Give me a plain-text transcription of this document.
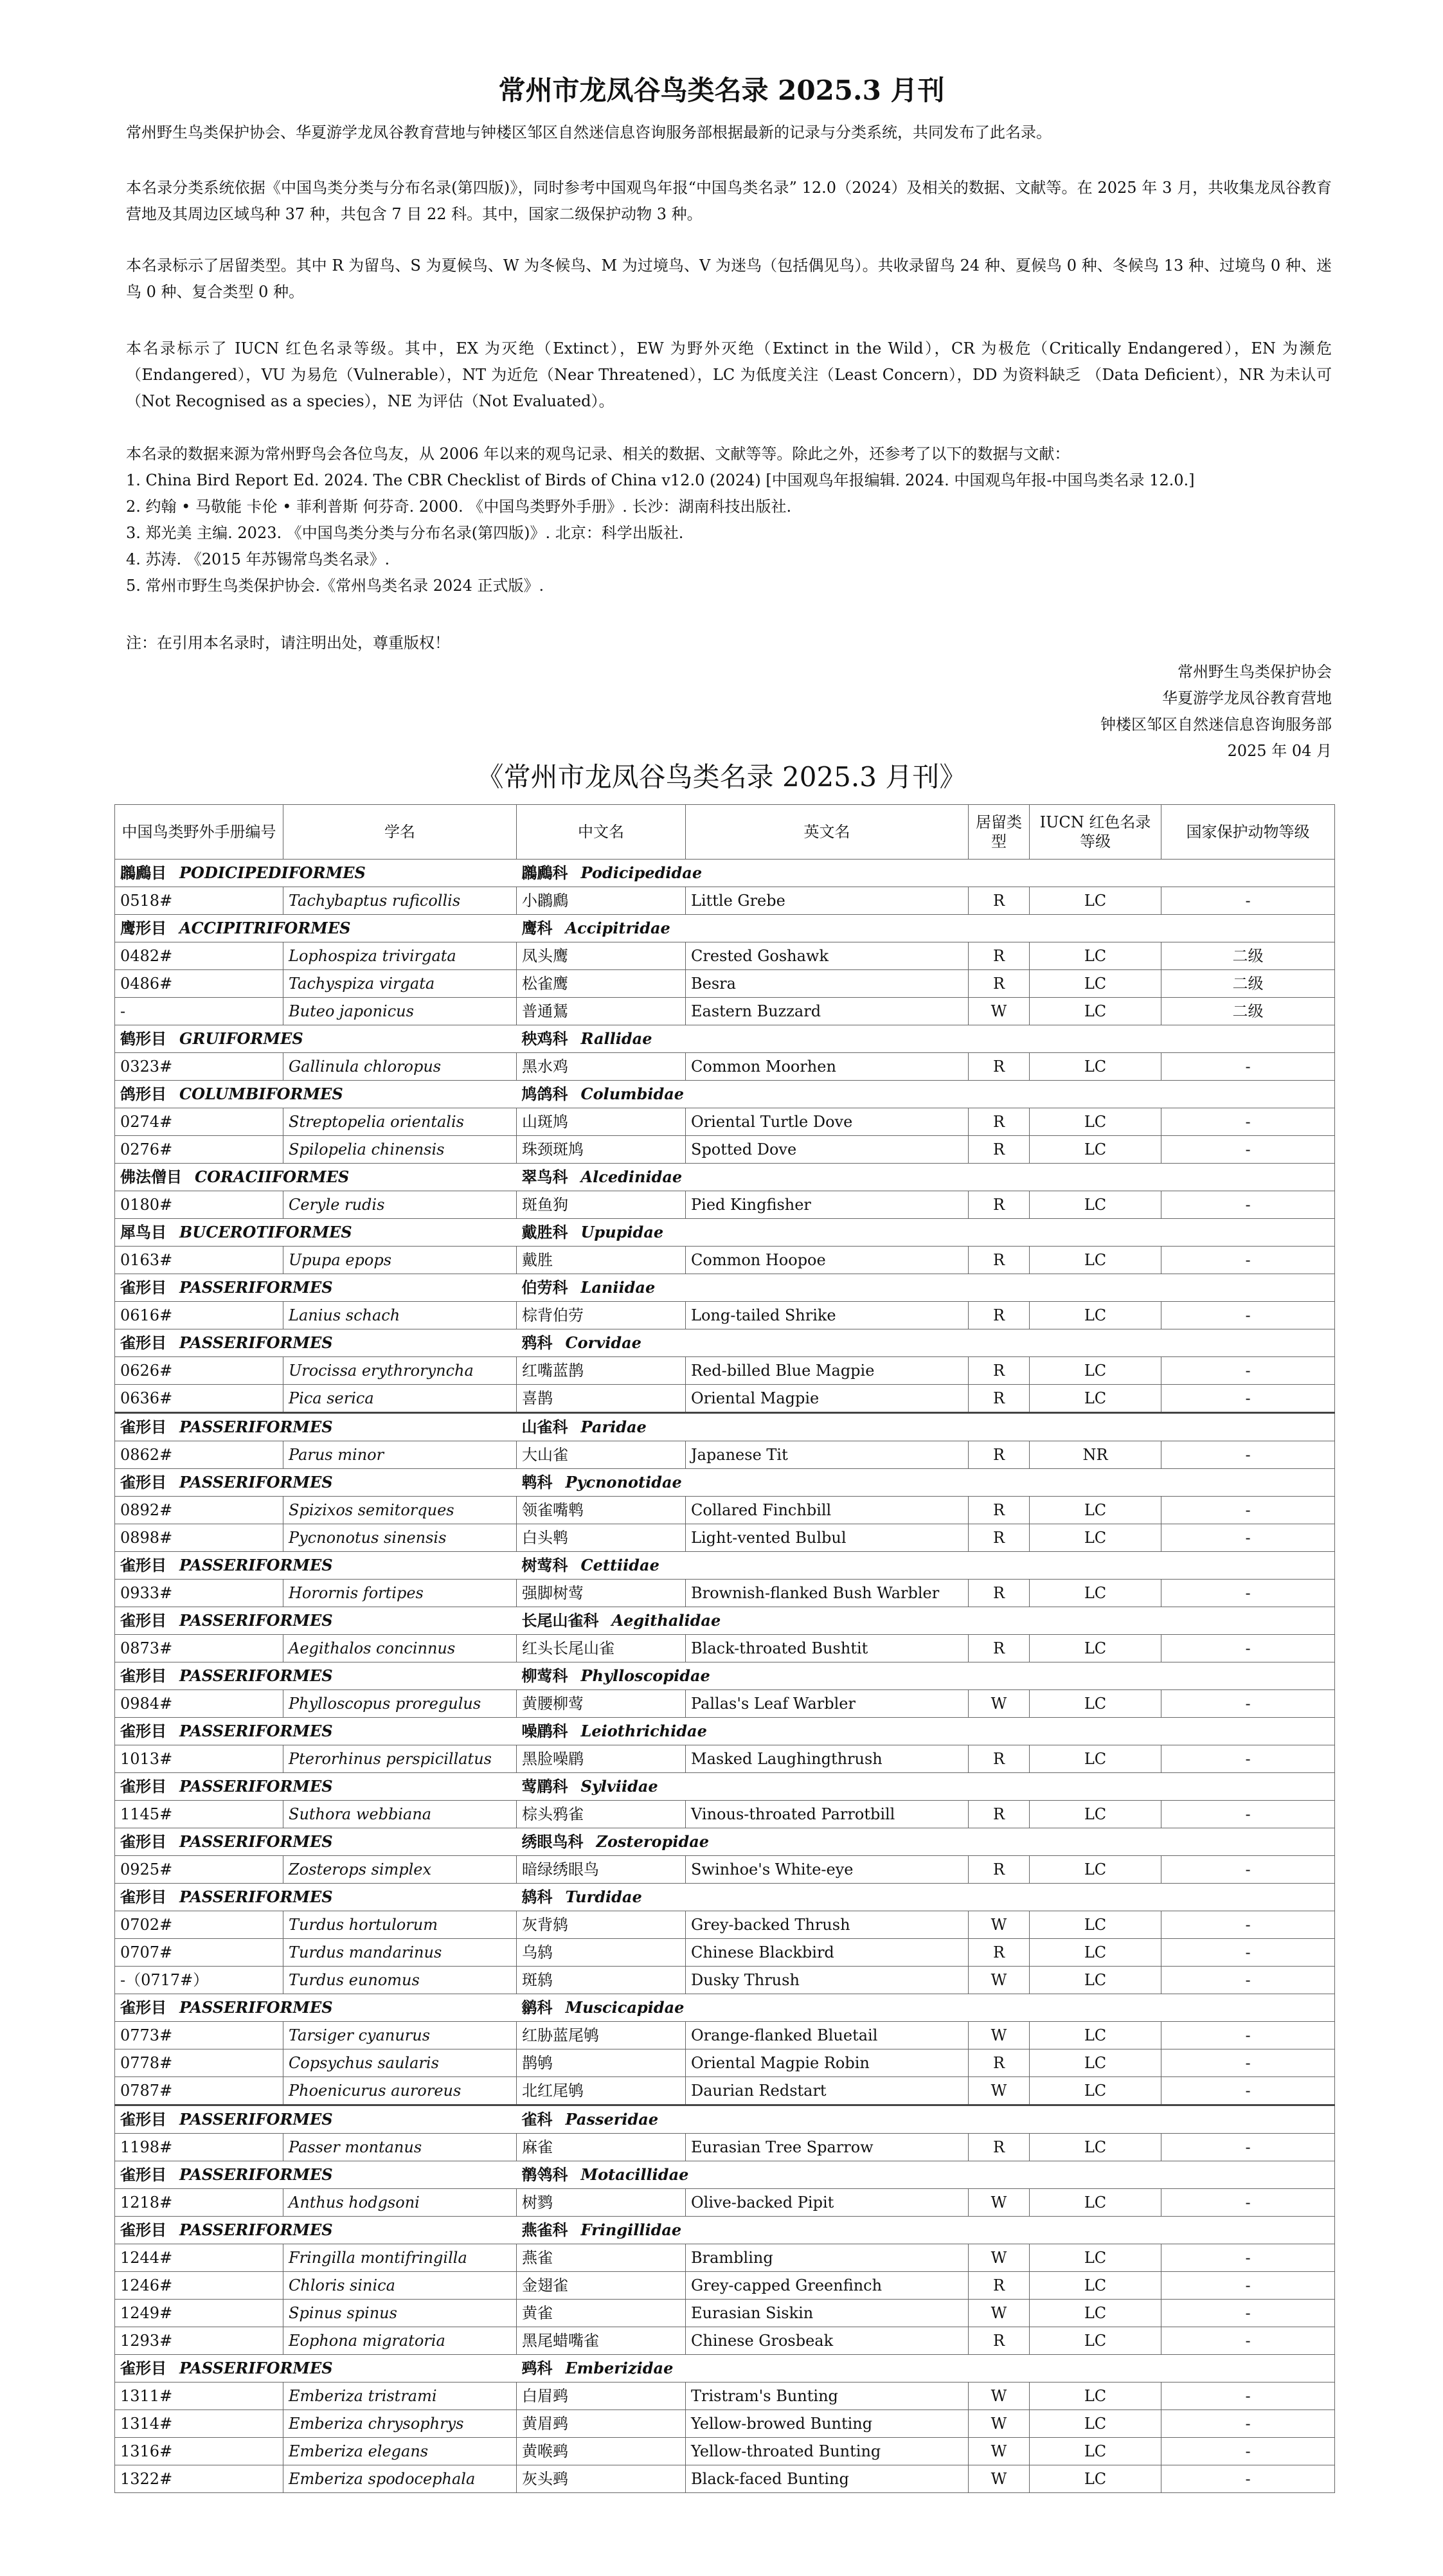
常州市龙凤谷鸟类名录 2025.3 月刊

常州野生鸟类保护协会、华夏游学龙凤谷教育营地与钟楼区邹区自然迷信息咨询服务部根据最新的记录与分类系统，共同发布了此名录。

本名录分类系统依据《中国鸟类分类与分布名录(第四版)》，同时参考中国观鸟年报“中国鸟类名录” 12.0（2024）及相关的数据、文献等。在 2025 年 3 月，共收集龙凤谷教育营地及其周边区域鸟种 37 种，共包含 7 目 22 科。其中，国家二级保护动物 3 种。

本名录标示了居留类型。其中 R 为留鸟、S 为夏候鸟、W 为冬候鸟、M 为过境鸟、V 为迷鸟（包括偶见鸟）。共收录留鸟 24 种、夏候鸟 0 种、冬候鸟 13 种、过境鸟 0 种、迷鸟 0 种、复合类型 0 种。

本名录标示了 IUCN 红色名录等级。其中，EX 为灭绝（Extinct），EW 为野外灭绝（Extinct in the Wild），CR 为极危（Critically Endangered），EN 为濒危（Endangered），VU 为易危（Vulnerable），NT 为近危（Near Threatened），LC 为低度关注（Least Concern），DD 为资料缺乏 （Data Deficient），NR 为未认可（Not Recognised as a species），NE 为评估（Not Evaluated）。

本名录的数据来源为常州野鸟会各位鸟友，从 2006 年以来的观鸟记录、相关的数据、文献等等。除此之外，还参考了以下的数据与文献：

1. China Bird Report Ed. 2024. The CBR Checklist of Birds of China v12.0 (2024) [中国观鸟年报编辑. 2024. 中国观鸟年报-中国鸟类名录 12.0.]
2. 约翰 • 马敬能 卡伦 • 菲利普斯 何芬奇. 2000. 《中国鸟类野外手册》. 长沙：湖南科技出版社.
3. 郑光美 主编. 2023. 《中国鸟类分类与分布名录(第四版)》. 北京：科学出版社.
4. 苏涛. 《2015 年苏锡常鸟类名录》.
5. 常州市野生鸟类保护协会.《常州鸟类名录 2024 正式版》.
注：在引用本名录时，请注明出处，尊重版权！
常州野生鸟类保护协会
华夏游学龙凤谷教育营地
钟楼区邹区自然迷信息咨询服务部
2025 年 04 月
《常州市龙凤谷鸟类名录 2025.3 月刊》
中国鸟类野外手册编号	学名	中文名	英文名	居留类型	IUCN 红色名录等级	国家保护动物等级
鸊鷉目 PODICIPEDIFORMES		鸊鷉科 Podicipedidae				
0518#	Tachybaptus ruficollis	小鸊鷉	Little Grebe	R	LC	-
鹰形目 ACCIPITRIFORMES		鹰科 Accipitridae				
0482#	Lophospiza trivirgata	凤头鹰	Crested Goshawk	R	LC	二级
0486#	Tachyspiza virgata	松雀鹰	Besra	R	LC	二级
-	Buteo japonicus	普通鵟	Eastern Buzzard	W	LC	二级
鹤形目 GRUIFORMES		秧鸡科 Rallidae				
0323#	Gallinula chloropus	黑水鸡	Common Moorhen	R	LC	-
鸽形目 COLUMBIFORMES		鸠鸽科 Columbidae				
0274#	Streptopelia orientalis	山斑鸠	Oriental Turtle Dove	R	LC	-
0276#	Spilopelia chinensis	珠颈斑鸠	Spotted Dove	R	LC	-
佛法僧目 CORACIIFORMES		翠鸟科 Alcedinidae				
0180#	Ceryle rudis	斑鱼狗	Pied Kingfisher	R	LC	-
犀鸟目 BUCEROTIFORMES		戴胜科 Upupidae				
0163#	Upupa epops	戴胜	Common Hoopoe	R	LC	-
雀形目 PASSERIFORMES		伯劳科 Laniidae				
0616#	Lanius schach	棕背伯劳	Long-tailed Shrike	R	LC	-
雀形目 PASSERIFORMES		鸦科 Corvidae				
0626#	Urocissa erythroryncha	红嘴蓝鹊	Red-billed Blue Magpie	R	LC	-
0636#	Pica serica	喜鹊	Oriental Magpie	R	LC	-
雀形目 PASSERIFORMES		山雀科 Paridae				
0862#	Parus minor	大山雀	Japanese Tit	R	NR	-
雀形目 PASSERIFORMES		鹎科 Pycnonotidae				
0892#	Spizixos semitorques	领雀嘴鹎	Collared Finchbill	R	LC	-
0898#	Pycnonotus sinensis	白头鹎	Light-vented Bulbul	R	LC	-
雀形目 PASSERIFORMES		树莺科 Cettiidae				
0933#	Horornis fortipes	强脚树莺	Brownish-flanked Bush Warbler	R	LC	-
雀形目 PASSERIFORMES		长尾山雀科 Aegithalidae				
0873#	Aegithalos concinnus	红头长尾山雀	Black-throated Bushtit	R	LC	-
雀形目 PASSERIFORMES		柳莺科 Phylloscopidae				
0984#	Phylloscopus proregulus	黄腰柳莺	Pallas's Leaf Warbler	W	LC	-
雀形目 PASSERIFORMES		噪鹛科 Leiothrichidae				
1013#	Pterorhinus perspicillatus	黑脸噪鹛	Masked Laughingthrush	R	LC	-
雀形目 PASSERIFORMES		莺鹛科 Sylviidae				
1145#	Suthora webbiana	棕头鸦雀	Vinous-throated Parrotbill	R	LC	-
雀形目 PASSERIFORMES		绣眼鸟科 Zosteropidae				
0925#	Zosterops simplex	暗绿绣眼鸟	Swinhoe's White-eye	R	LC	-
雀形目 PASSERIFORMES		鸫科 Turdidae				
0702#	Turdus hortulorum	灰背鸫	Grey-backed Thrush	W	LC	-
0707#	Turdus mandarinus	乌鸫	Chinese Blackbird	R	LC	-
-（0717#）	Turdus eunomus	斑鸫	Dusky Thrush	W	LC	-
雀形目 PASSERIFORMES		鹟科 Muscicapidae				
0773#	Tarsiger cyanurus	红胁蓝尾鸲	Orange-flanked Bluetail	W	LC	-
0778#	Copsychus saularis	鹊鸲	Oriental Magpie Robin	R	LC	-
0787#	Phoenicurus auroreus	北红尾鸲	Daurian Redstart	W	LC	-
雀形目 PASSERIFORMES		雀科 Passeridae				
1198#	Passer montanus	麻雀	Eurasian Tree Sparrow	R	LC	-
雀形目 PASSERIFORMES		鹡鸰科 Motacillidae				
1218#	Anthus hodgsoni	树鹨	Olive-backed Pipit	W	LC	-
雀形目 PASSERIFORMES		燕雀科 Fringillidae				
1244#	Fringilla montifringilla	燕雀	Brambling	W	LC	-
1246#	Chloris sinica	金翅雀	Grey-capped Greenfinch	R	LC	-
1249#	Spinus spinus	黄雀	Eurasian Siskin	W	LC	-
1293#	Eophona migratoria	黑尾蜡嘴雀	Chinese Grosbeak	R	LC	-
雀形目 PASSERIFORMES		鹀科 Emberizidae				
1311#	Emberiza tristrami	白眉鹀	Tristram's Bunting	W	LC	-
1314#	Emberiza chrysophrys	黄眉鹀	Yellow-browed Bunting	W	LC	-
1316#	Emberiza elegans	黄喉鹀	Yellow-throated Bunting	W	LC	-
1322#	Emberiza spodocephala	灰头鹀	Black-faced Bunting	W	LC	-
